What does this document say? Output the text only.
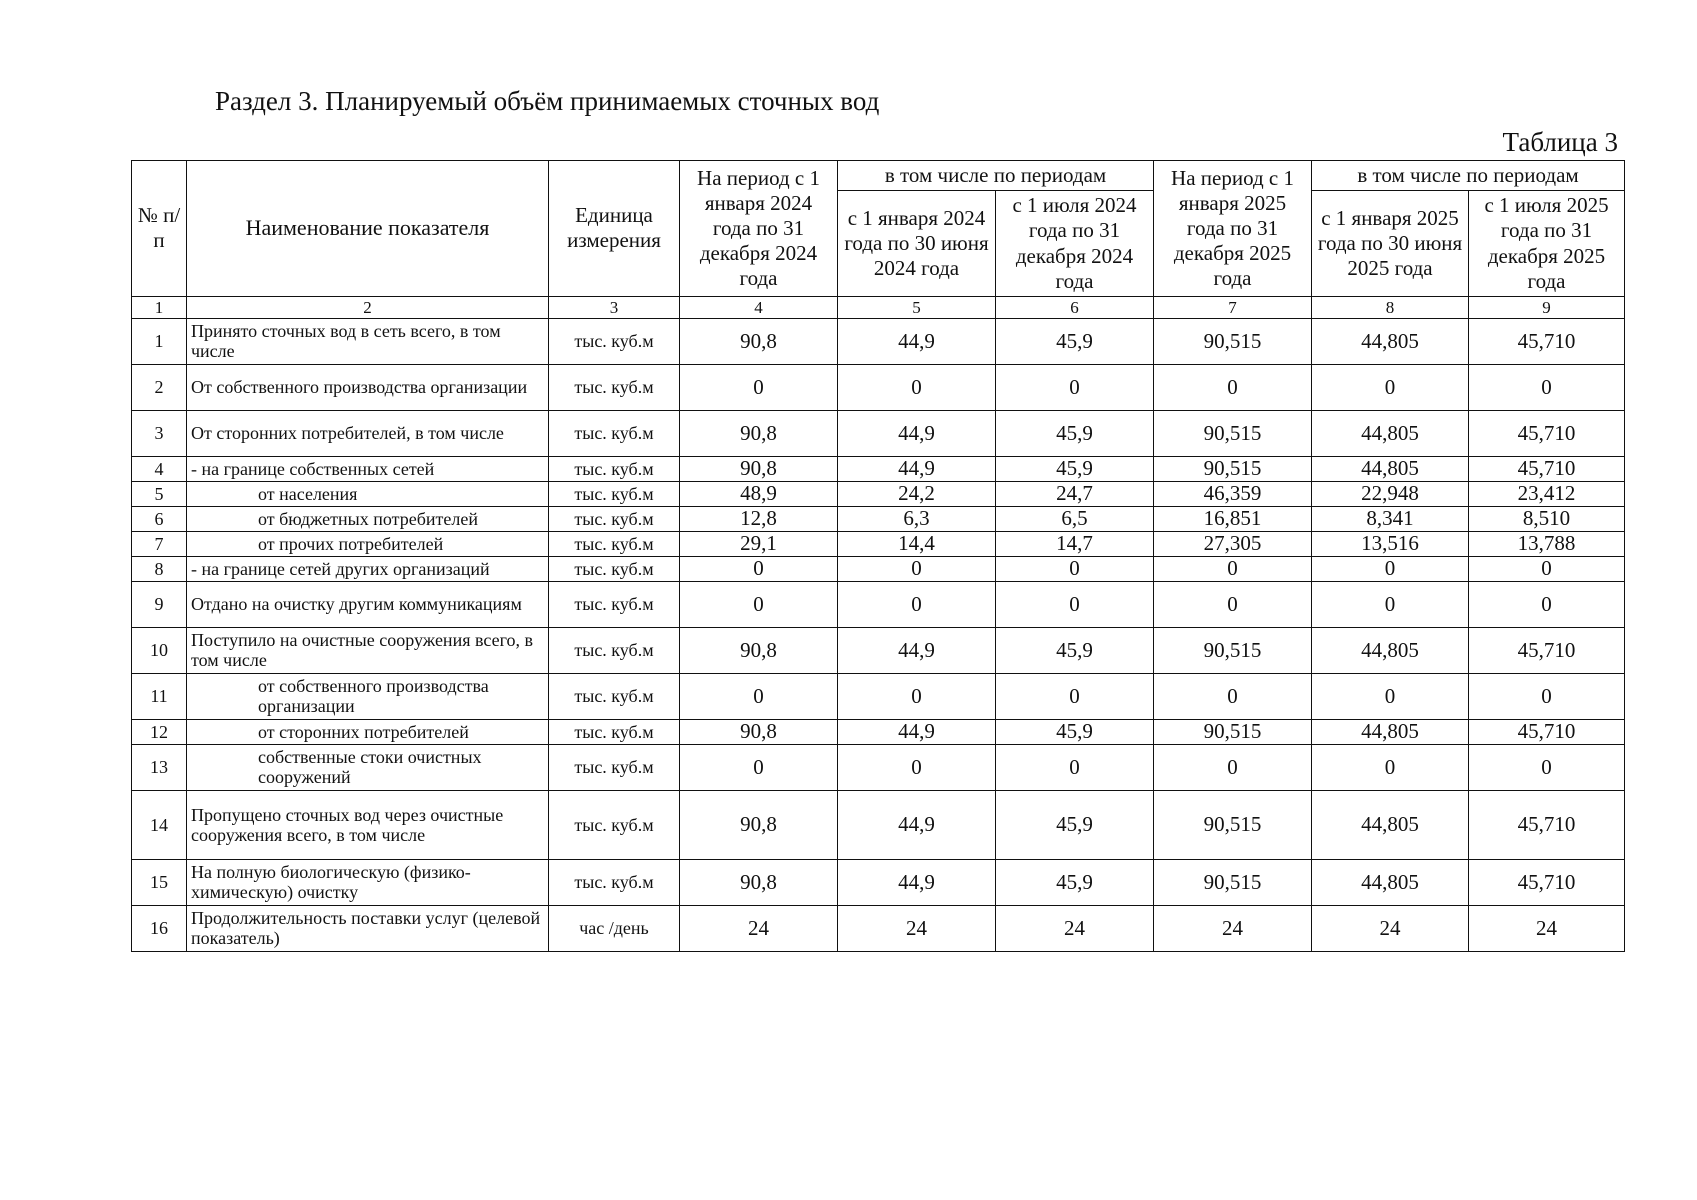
Раздел 3. Планируемый объём принимаемых сточных вод
Таблица 3
№ п/п	Наименование показателя	Единица измерения	На период с 1 января 2024 года по 31 декабря 2024 года	в том числе по периодам		На период с 1 января 2025 года по 31 декабря 2025 года	в том числе по периодам	
				с 1 января 2024 года по 30 июня 2024 года	с 1 июля 2024 года по 31 декабря 2024 года		с 1 января 2025 года по 30 июня 2025 года	с 1 июля 2025 года по 31 декабря 2025 года

1	2	3	4	5	6	7	8	9
1	Принято сточных вод в сеть всего, в том числе	тыс. куб.м	90,8	44,9	45,9	90,515	44,805	45,710
2	От собственного производства организации	тыс. куб.м	0	0	0	0	0	0
3	От сторонних потребителей, в том числе	тыс. куб.м	90,8	44,9	45,9	90,515	44,805	45,710
4	- на границе собственных сетей	тыс. куб.м	90,8	44,9	45,9	90,515	44,805	45,710
5	от населения	тыс. куб.м	48,9	24,2	24,7	46,359	22,948	23,412
6	от бюджетных потребителей	тыс. куб.м	12,8	6,3	6,5	16,851	8,341	8,510
7	от прочих потребителей	тыс. куб.м	29,1	14,4	14,7	27,305	13,516	13,788
8	- на границе сетей других организаций	тыс. куб.м	0	0	0	0	0	0
9	Отдано на очистку другим коммуникациям	тыс. куб.м	0	0	0	0	0	0
10	Поступило на очистные сооружения всего, в том числе	тыс. куб.м	90,8	44,9	45,9	90,515	44,805	45,710
11	от собственного производства организации	тыс. куб.м	0	0	0	0	0	0
12	от сторонних потребителей	тыс. куб.м	90,8	44,9	45,9	90,515	44,805	45,710
13	собственные стоки очистных сооружений	тыс. куб.м	0	0	0	0	0	0
14	Пропущено сточных вод через очистные сооружения всего, в том числе	тыс. куб.м	90,8	44,9	45,9	90,515	44,805	45,710
15	На полную биологическую (физико-химическую) очистку	тыс. куб.м	90,8	44,9	45,9	90,515	44,805	45,710
16	Продолжительность поставки услуг (целевой показатель)	час /день	24	24	24	24	24	24
